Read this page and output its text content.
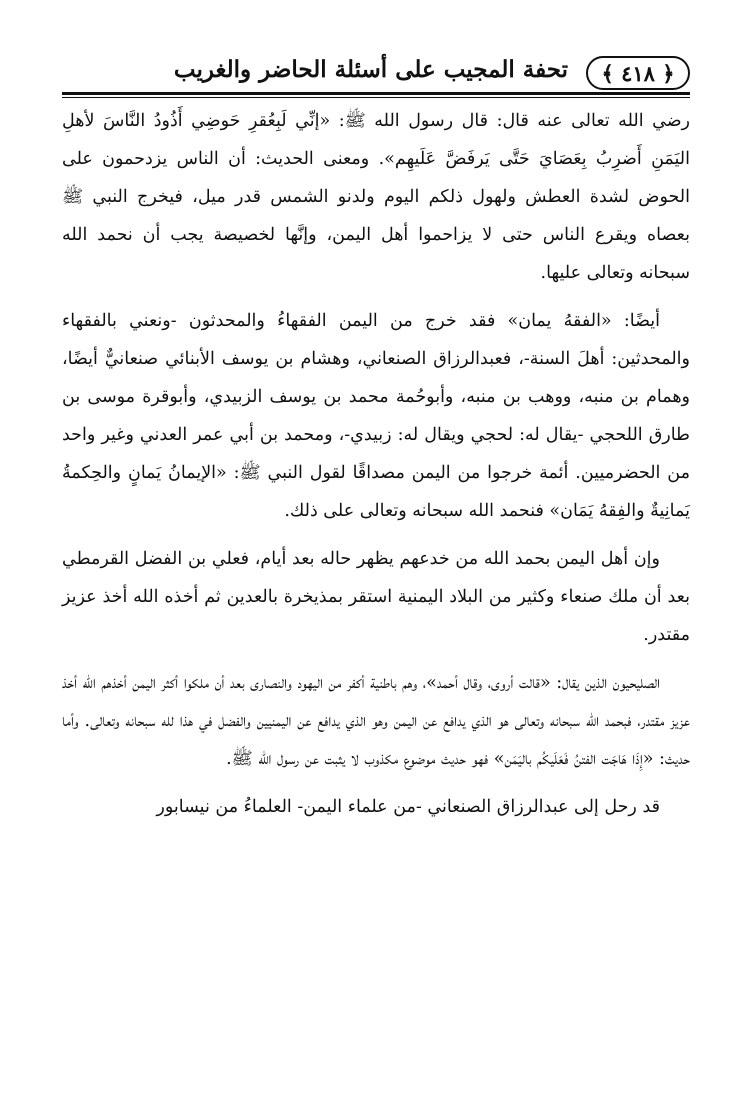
تحفة المجيب على أسئلة الحاضر والغريب ﴿ ٤١٨ ﴾

رضي الله تعالى عنه قال: قال رسول الله ﷺ: «إنِّي لَبِعُقرِ حَوضِي أَذُودُ النَّاسَ لأهلِ اليَمَنِ أَضرِبُ بِعَصَايَ حَتَّى يَرفَضَّ عَلَيهِم». ومعنى الحديث: أن الناس يزدحمون على الحوض لشدة العطش ولهول ذلكم اليوم ولدنو الشمس قدر ميل، فيخرج النبي ﷺ بعصاه ويقرع الناس حتى لا يزاحموا أهل اليمن، وإنَّها لخصيصة يجب أن نحمد الله سبحانه وتعالى عليها.

أيضًا: «الفقهُ يمان» فقد خرج من اليمن الفقهاءُ والمحدثون -ونعني بالفقهاء والمحدثين: أهلَ السنة-، فعبدالرزاق الصنعاني، وهشام بن يوسف الأبنائي صنعانيٌّ أيضًا، وهمام بن منبه، ووهب بن منبه، وأبوحُمة محمد بن يوسف الزبيدي، وأبوقرة موسى بن طارق اللحجي -يقال له: لحجي ويقال له: زبيدي-، ومحمد بن أبي عمر العدني وغير واحد من الحضرميين. أئمة خرجوا من اليمن مصداقًا لقول النبي ﷺ: «الإيمانُ يَمانٍ والحِكمةُ يَمانِيةٌ والفِقهُ يَمَان» فنحمد الله سبحانه وتعالى على ذلك.

وإن أهل اليمن بحمد الله من خدعهم يظهر حاله بعد أيام، فعلي بن الفضل القرمطي بعد أن ملك صنعاء وكثير من البلاد اليمنية استقر بمذيخرة بالعدين ثم أخذه الله أخذ عزيز مقتدر.

الصليحيون الذين يقال: «قالت أروى، وقال أحمد»، وهم باطنية أكفر من اليهود والنصارى بعد أن ملكوا أكثر اليمن أخذهم الله أخذ عزيز مقتدر، فبحمد الله سبحانه وتعالى هو الذي يدافع عن اليمن وهو الذي يدافع عن اليمنيين والفضل في هذا لله سبحانه وتعالى. وأما حديث: «إِذَا هَاجَت الفتنُ فَعَلَيكُم باليَمَن» فهو حديث موضوع مكذوب لا يثبت عن رسول الله ﷺ.

قد رحل إلى عبدالرزاق الصنعاني -من علماء اليمن- العلماءُ من نيسابور
